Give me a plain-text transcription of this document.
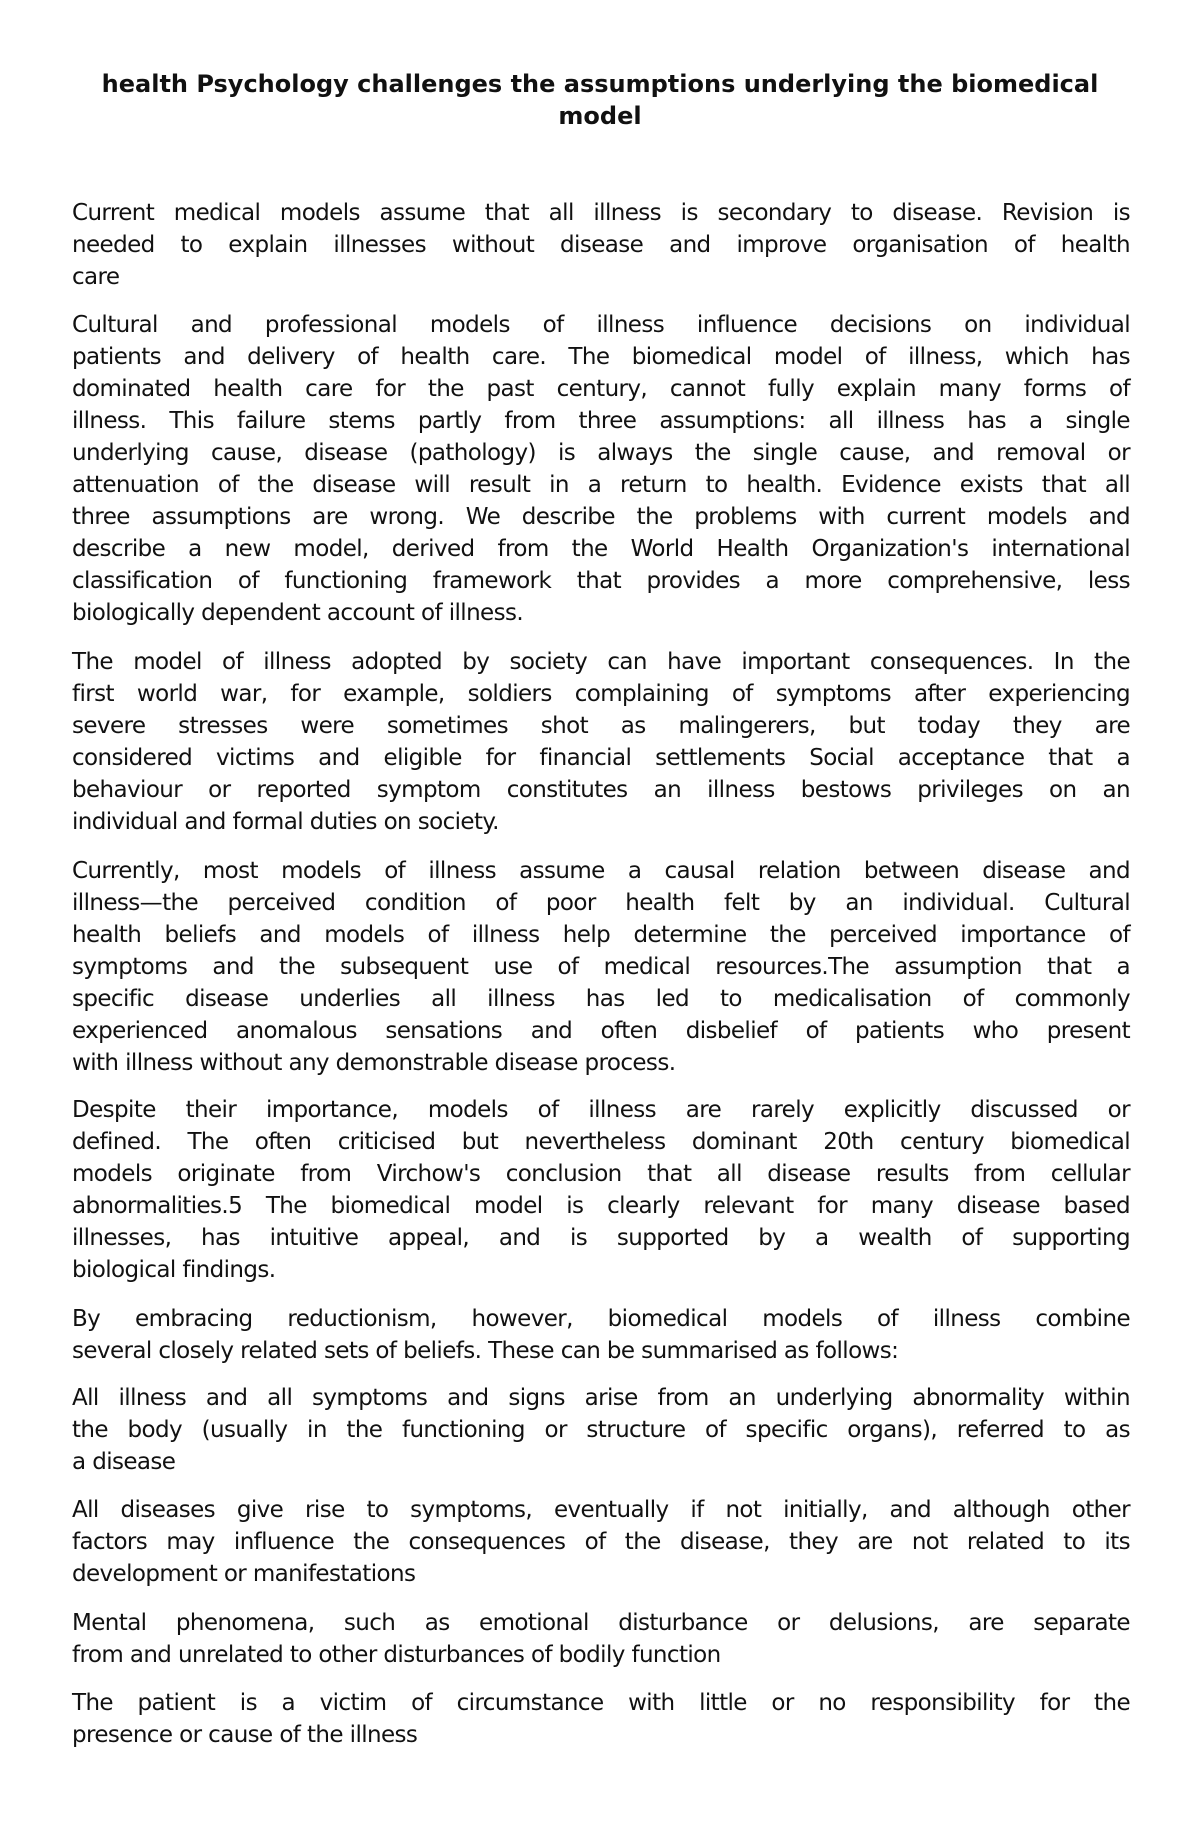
health Psychology challenges the assumptions underlying the biomedical
model
Current medical models assume that all illness is secondary to disease. Revision is
needed to explain illnesses without disease and improve organisation of health
care
Cultural and professional models of illness influence decisions on individual
patients and delivery of health care. The biomedical model of illness, which has
dominated health care for the past century, cannot fully explain many forms of
illness. This failure stems partly from three assumptions: all illness has a single
underlying cause, disease (pathology) is always the single cause, and removal or
attenuation of the disease will result in a return to health. Evidence exists that all
three assumptions are wrong. We describe the problems with current models and
describe a new model, derived from the World Health Organization's international
classification of functioning framework that provides a more comprehensive, less
biologically dependent account of illness.
The model of illness adopted by society can have important consequences. In the
first world war, for example, soldiers complaining of symptoms after experiencing
severe stresses were sometimes shot as malingerers, but today they are
considered victims and eligible for financial settlements Social acceptance that a
behaviour or reported symptom constitutes an illness bestows privileges on an
individual and formal duties on society.
Currently, most models of illness assume a causal relation between disease and
illness—the perceived condition of poor health felt by an individual. Cultural
health beliefs and models of illness help determine the perceived importance of
symptoms and the subsequent use of medical resources.The assumption that a
specific disease underlies all illness has led to medicalisation of commonly
experienced anomalous sensations and often disbelief of patients who present
with illness without any demonstrable disease process.
Despite their importance, models of illness are rarely explicitly discussed or
defined. The often criticised but nevertheless dominant 20th century biomedical
models originate from Virchow's conclusion that all disease results from cellular
abnormalities.5 The biomedical model is clearly relevant for many disease based
illnesses, has intuitive appeal, and is supported by a wealth of supporting
biological findings.
By embracing reductionism, however, biomedical models of illness combine
several closely related sets of beliefs. These can be summarised as follows:
All illness and all symptoms and signs arise from an underlying abnormality within
the body (usually in the functioning or structure of specific organs), referred to as
a disease
All diseases give rise to symptoms, eventually if not initially, and although other
factors may influence the consequences of the disease, they are not related to its
development or manifestations
Mental phenomena, such as emotional disturbance or delusions, are separate
from and unrelated to other disturbances of bodily function
The patient is a victim of circumstance with little or no responsibility for the
presence or cause of the illness
